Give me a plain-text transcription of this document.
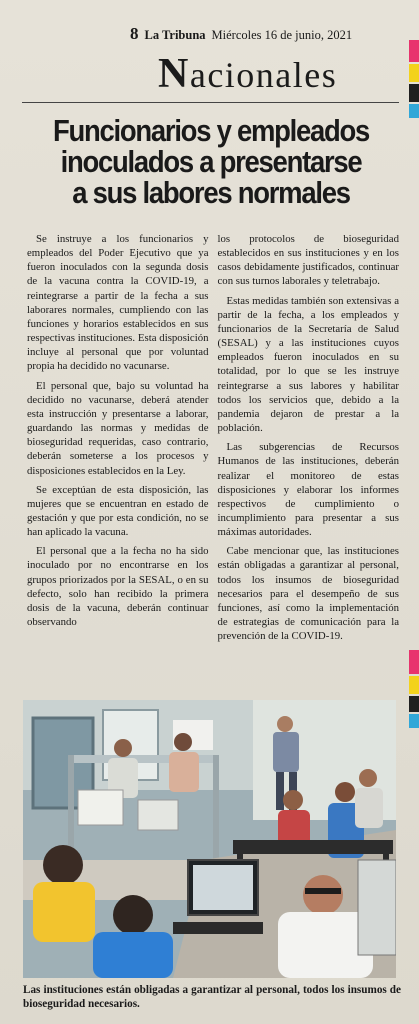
8 La Tribuna Miércoles 16 de junio, 2021
Nacionales
Funcionarios y empleados
inoculados a presentarse
a sus labores normales

Se instruye a los funcionarios y empleados del Poder Ejecutivo que ya fueron inoculados con la segunda dosis de la vacuna contra la COVID-19, a reintegrarse a partir de la fecha a sus laborares normales, cumpliendo con las funciones y horarios establecidos en sus respectivas instituciones. Esta disposición incluye al personal que por voluntad propia ha decidido no vacunarse.

El personal que, bajo su voluntad ha decidido no vacunarse, deberá atender esta instrucción y presentarse a laborar, guardando las normas y medidas de bioseguridad requeridas, caso contrario, deberán someterse a los procesos y disposiciones establecidos en la Ley.

Se exceptúan de esta disposición, las mujeres que se encuentran en estado de gestación y que por esta condición, no se han aplicado la vacuna.

El personal que a la fecha no ha sido inoculado por no encontrarse en los grupos priorizados por la SESAL, o en su defecto, solo han recibido la primera dosis de la vacuna, deberán continuar observando

los protocolos de bioseguridad establecidos en sus instituciones y en los casos debidamente justificados, continuar con sus turnos laborales y teletrabajo.

Estas medidas también son extensivas a partir de la fecha, a los empleados y funcionarios de la Secretaría de Salud (SESAL) y a las instituciones cuyos empleados fueron inoculados en su totalidad, por lo que se les instruye reintegrarse a sus labores y habilitar todos los servicios que, debido a la pandemia dejaron de prestar a la población.

Las subgerencias de Recursos Humanos de las instituciones, deberán realizar el monitoreo de estas disposiciones y elaborar los informes respectivos de cumplimiento o incumplimiento para presentar a sus máximas autoridades.

Cabe mencionar que, las instituciones están obligadas a garantizar al personal, todos los insumos de bioseguridad necesarios para el desempeño de sus funciones, así como la implementación de estrategias de comunicación para la prevención de la COVID-19.

Las instituciones están obligadas a garantizar al personal, todos los insumos de bioseguridad necesarios.
